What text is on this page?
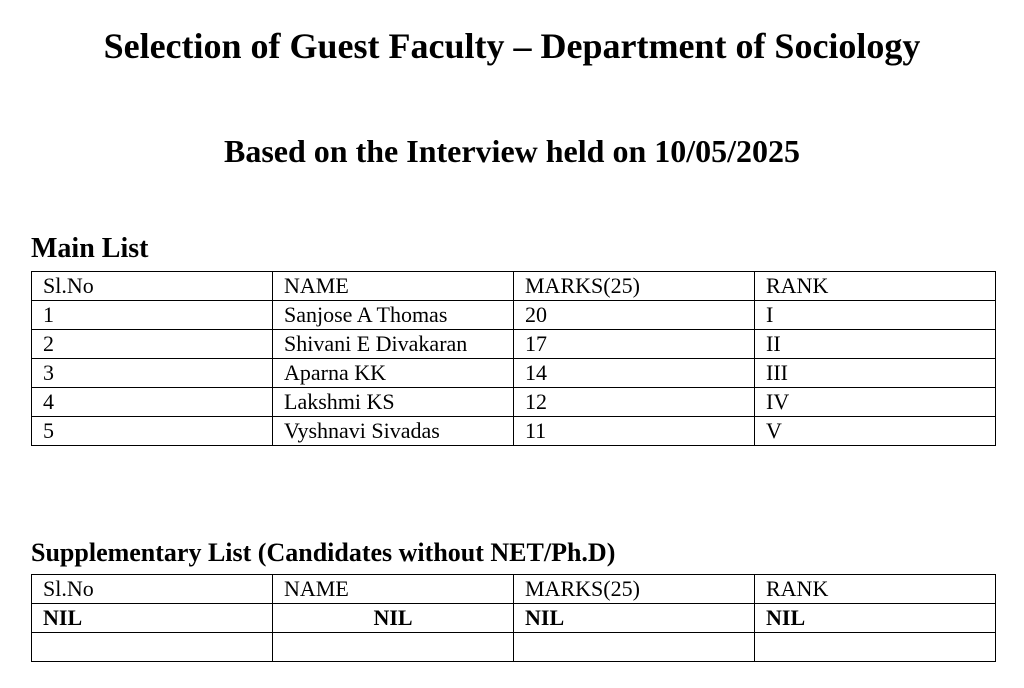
Selection of Guest Faculty – Department of Sociology
Based on the Interview held on 10/05/2025
Main List
Sl.No	NAME	MARKS(25)	RANK
1	Sanjose A Thomas	20	I
2	Shivani E Divakaran	17	II
3	Aparna KK	14	III
4	Lakshmi KS	12	IV
5	Vyshnavi Sivadas	11	V
Supplementary List (Candidates without NET/Ph.D)
Sl.No	NAME	MARKS(25)	RANK
NIL	NIL	NIL	NIL
